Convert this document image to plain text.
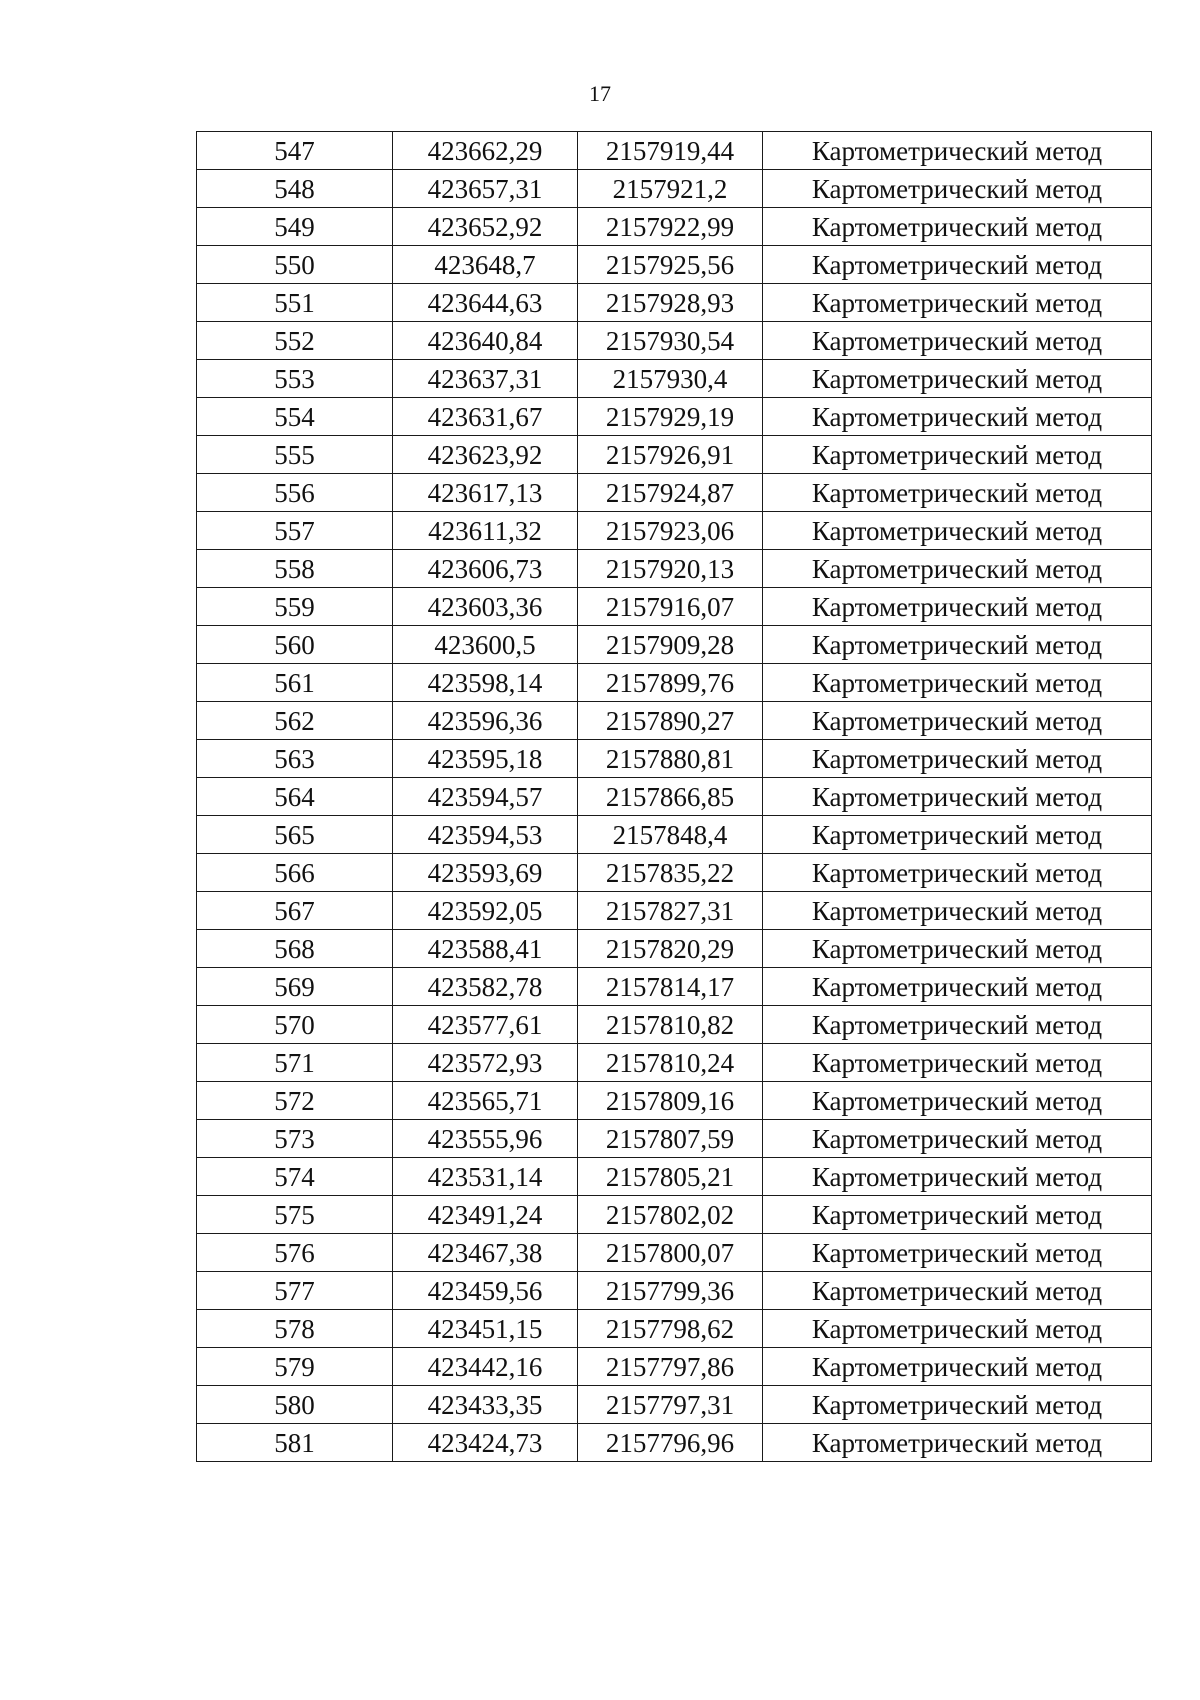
17
547	423662,29	2157919,44	Картометрический метод
548	423657,31	2157921,2	Картометрический метод
549	423652,92	2157922,99	Картометрический метод
550	423648,7	2157925,56	Картометрический метод
551	423644,63	2157928,93	Картометрический метод
552	423640,84	2157930,54	Картометрический метод
553	423637,31	2157930,4	Картометрический метод
554	423631,67	2157929,19	Картометрический метод
555	423623,92	2157926,91	Картометрический метод
556	423617,13	2157924,87	Картометрический метод
557	423611,32	2157923,06	Картометрический метод
558	423606,73	2157920,13	Картометрический метод
559	423603,36	2157916,07	Картометрический метод
560	423600,5	2157909,28	Картометрический метод
561	423598,14	2157899,76	Картометрический метод
562	423596,36	2157890,27	Картометрический метод
563	423595,18	2157880,81	Картометрический метод
564	423594,57	2157866,85	Картометрический метод
565	423594,53	2157848,4	Картометрический метод
566	423593,69	2157835,22	Картометрический метод
567	423592,05	2157827,31	Картометрический метод
568	423588,41	2157820,29	Картометрический метод
569	423582,78	2157814,17	Картометрический метод
570	423577,61	2157810,82	Картометрический метод
571	423572,93	2157810,24	Картометрический метод
572	423565,71	2157809,16	Картометрический метод
573	423555,96	2157807,59	Картометрический метод
574	423531,14	2157805,21	Картометрический метод
575	423491,24	2157802,02	Картометрический метод
576	423467,38	2157800,07	Картометрический метод
577	423459,56	2157799,36	Картометрический метод
578	423451,15	2157798,62	Картометрический метод
579	423442,16	2157797,86	Картометрический метод
580	423433,35	2157797,31	Картометрический метод
581	423424,73	2157796,96	Картометрический метод
